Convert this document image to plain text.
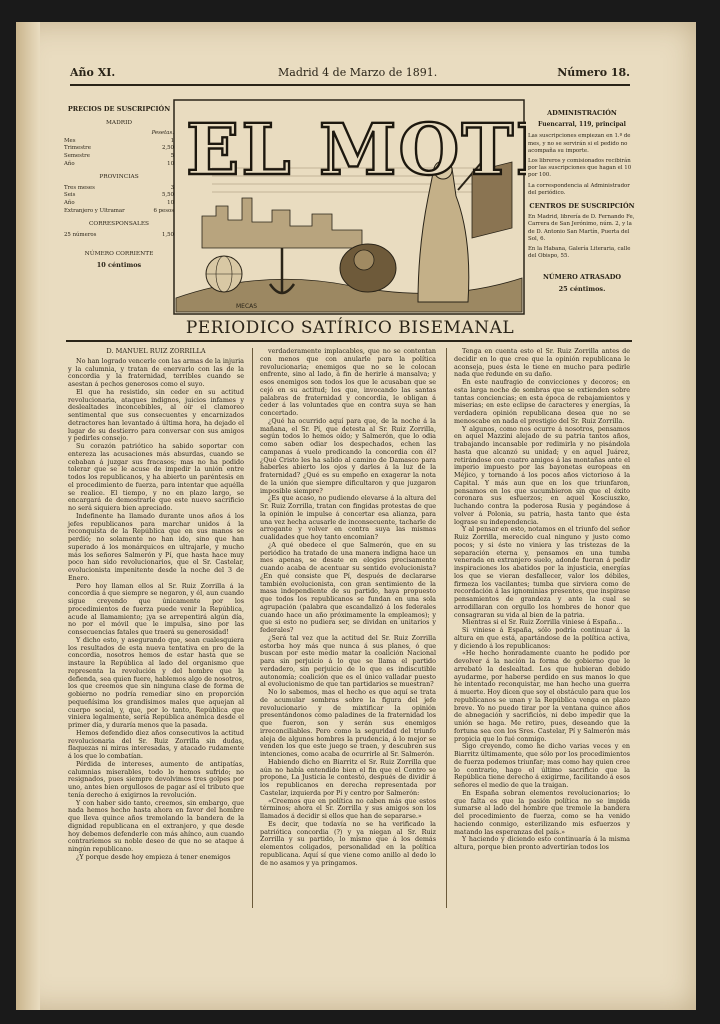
Año XI.	Madrid 4 de Marzo de 1891.	Número 18.
PRECIOS DE SUSCRIPCIÓN
MADRID
Pesetas.
Mes	1
Trimestre	2,50
Semestre	5
Año	10
PROVINCIAS
Tres meses	3
Seis	5,50
Año	10
Extranjero y Ultramar	6 pesos
CORRESPONSALES
25 números	1,50
NÚMERO CORRIENTE
10 céntimos
EL MOT
MECAS
ADMINISTRACIÓN
Fuencarral, 119, principal

Las suscripciones empiezan en 1.º de mes, y no se servirán si el pedido no acompaña su importe.

Los libreros y comisionados recibirán por las suscripciones que hagan el 10 por 100.

La correspondencia al Administrador del periódico.

CENTROS DE SUSCRIPCIÓN

En Madrid, librería de D. Fernando Fe, Carrera de San Jerónimo, núm. 2, y la de D. Antonio San Martín, Puerta del Sol, 6.

En la Habana, Galería Literaria, calle del Obispo, 55.

NÚMERO ATRASADO
25 céntimos.
PERIODICO SATÍRICO BISEMANAL

D. MANUEL RUIZ ZORRILLA

No han logrado vencerle con las armas de la injuria y la calumnia, y tratan de enervarlo con las de la concordia y la fraternidad, terribles cuando se asestan á pechos generosos como el suyo.

El que ha resistido, sin ceder en su actitud revolucionaria, ataques indignos, juicios infames y deslealtades inconcebibles, al oír el clamoreo sentimental que sus consecuentes y encarnizados detractores han levantado á última hora, ha dejado el lugar de su destierro para conversar con sus amigos y pedirles consejo.

Su corazón patriótico ha sabido soportar con entereza las acusaciones más absurdas, cuando se cebaban á juzgar sus fracasos; mas no ha podido tolerar que se le acuse de impedir la unión entre todos los republicanos, y ha abierto un paréntesis en el procedimiento de fuerza, para intentar que aquélla se realice. El tiempo, y no en plazo largo, se encargará de demostrarle que este nuevo sacrificio no será siquiera bien apreciado.

Indefinente ha llamado durante unos años á los jefes republicanos para marchar unidos á la reconquista de la República que en sus manos se perdió; no solamente no han ido, sino que han superado á los monárquicos en ultrajarle, y mucho más los señores Salmerón y Pí, que hasta hace muy poco han sido revolucionarios, que el Sr. Castelar, evolucionista impenitente desde la noche del 3 de Enero.

Pero hoy llaman ellos al Sr. Ruiz Zorrilla á la concordia á que siempre se negaron, y él, aun cuando sigue creyendo que únicamente por los procedimientos de fuerza puede venir la República, acude al llamamiento; ¡ya se arrepentirá algún día, no por el móvil que le impulsa, sino por las consecuencias fatales que traerá su generosidad!

Y dicho esto, y asegurando que, sean cualesquiera los resultados de esta nueva tentativa en pro de la concordia, nosotros hemos de estar hasta que se instaure la República al lado del organismo que representa la revolución y del hombre que la defienda, sea quien fuere, hablemos algo de nosotros, los que creemos que sin ninguna clase de forma de gobierno no podría remediar sino en proporción pequeñísima los grandísimos males que aquejan al cuerpo social, y, que, por lo tanto, República que viniera legalmente, sería República anémica desde el primer día, y duraría menos que la pasada.

Hemos defendido diez años consecutivos la actitud revolucionaria del Sr. Ruiz Zorrilla sin dudas, flaquezas ni miras interesadas, y atacado rudamente á los que lo combatían.

Pérdida de intereses, aumento de antipatías, calumnias miserables, todo lo hemos sufrido; no resignados, pues siempre devolvimos tres golpes por uno, antes bien orgullosos de pagar así el tributo que tenía derecho á exigirnos la revolución.

Y con haber sido tanto, creemos, sin embargo, que nada hemos hecho hasta ahora en favor del hombre que lleva quince años tremolando la bandera de la dignidad republicana en el extranjero, y que desde hoy debemos defenderle con más ahínco, aun cuando contraríemos su noble deseo de que no se ataque á ningún republicano.

¿Y porque desde hoy empieza á tener enemigos

verdaderamente implacables, que no se contentan con menos que con anularle para la política revolucionaria; enemigos que no se le colocan enfrente, sino al lado, á fin de herirle á mansalva; y esos enemigos son todos los que le acusaban que se cejó en su actitud; los que, invocando las santas palabras de fraternidad y concordia, le obligan á ceder á las voluntades que en contra suya se han concertado.

¿Qué ha ocurrido aquí para que, de la noche á la mañana, el Sr. Pí, que detesta al Sr. Ruiz Zorrilla, según todos lo hemos oído; y Salmerón, que lo odia como saben odiar los despechados, echen las campanas á vuelo predicando la concordia con él? ¿Qué Cristo les ha salido al camino de Damasco para haberles abierto los ojos y darles á la luz de la fraternidad? ¿Qué es su empeño en exagerar la nota de la unión que siempre dificultaron y que juzgaron imposible siempre?

¿Es que acaso, no pudiendo elevarse á la altura del Sr. Ruiz Zorrilla, tratan con fingidas protestas de que la opinión le impulse á concertar esa alianza, para una vez hecha acusarle de inconsecuente, tacharle de arrogante y volver en contra suya las mismas cualidades que hoy tanto encomian?

¿A qué obedece el que Salmerón, que en su periódico ha tratado de una manera indigna hace un mes apenas, se desate en elogios precisamente cuando acaba de acentuar su sentido evolucionista? ¿En qué consiste que Pí, después de declararse también evolucionista, con gran sentimiento de la masa independiente de su partido, haya propuesto que todos los republicanos se fundan en una sola agrupación (palabra que escandalizó á los federales cuando hace un año próximamente la empleamos); y que si esto no pudiera ser, se dividan en unitarios y federales?

¿Será tal vez que la actitud del Sr. Ruiz Zorrilla estorba hoy más que nunca á sus planes, ó que buscan por este medio matar la coalición Nacional para sin perjuicio á lo que se llama el partido verdadero, sin perjuicio de lo que es indiscutible autonomía; coalición que es el único valladar puesto al evolucionismo de que tan partidarios se muestran?

No lo sabemos, mas el hecho es que aquí se trata de acumular sombras sobre la figura del jefe revolucionario y de mixtificar la opinión presentándonos como paladines de la fraternidad los que fueron, son y serán sus enemigos irreconciliables. Pero como la seguridad del triunfo aleja de algunos hombres la prudencia, á lo mejor se venden los que este juego se traen, y descubren sus intenciones, como acaba de ocurrirle al Sr. Salmerón.

Habiendo dicho en Biarritz el Sr. Ruiz Zorrilla que aún no había entendido bien el fin que el Centro se propone, La Justicia le contestó, después de dividir á los republicanos en derecha representada por Castelar, izquierda por Pí y centro por Salmerón:

«Creemos que en política no caben más que estos términos; ahora el Sr. Zorrilla y sus amigos son los llamados á decidir si ellos que han de separarse.»

Es decir, que todavía no se ha verificado la patriótica concordia (?) y ya niegan al Sr. Ruiz Zorrilla y su partido, lo mismo que á los demás elementos coligados, personalidad en la política republicana. Aquí sí que viene como anillo al dedo lo de no asamos y ya pringamos.

Tenga en cuenta esto el Sr. Ruiz Zorrilla antes de decidir en lo que cree que la opinión republicana le aconseja, pues ésta le tiene en mucho para pedirle nada que redunde en su daño.

En este naufragio de convicciones y decoros; en esta larga noche de sombras que se extienden sobre tantas conciencias; en esta época de rebajamientos y miserias; en este eclipse de caracteres y energías, la verdadera opinión republicana desea que no se menoscabe en nada el prestigio del Sr. Ruiz Zorrilla.

Y algunos, como nos ocurre á nosotros, pensamos en aquel Mazzini alejado de su patria tantos años, trabajando incansable por redimirla y no pisándola hasta que alcanzó su unidad; y en aquel Juárez, retirándose con cuatro amigos á las montañas ante el imperio impuesto por las bayonetas europeas en Méjico, y tornando á los pocos años victorioso á la Capital. Y más aun que en los que triunfaron, pensamos en los que sucumbieron sin que el éxito coronara sus esfuerzos; en aquel Kosciuszko, luchando contra la poderosa Rusia y pegándose á volver á Polonia, su patria, hasta tanto que ésta lograse su independencia.

Y al pensar en esto, notamos en el triunfo del señor Ruiz Zorrilla, merecido cual ninguno y justo como pocos; y si éste no viniera y las tristezas de la separación eterna y, pensamos en una tumba venerada en extranjero suelo, adonde fueran á pedir inspiraciones los abatidos por la injusticia, energías los que se vieran desfallecer, valor los débiles, firmeza los vacilantes; tumba que sirviera como de recordación á las ignominias presentes, que inspirase pensamientos de grandeza y ante la cual se arrodillaran con orgullo los hombres de honor que consagraran su vida al bien de la patria.

Mientras si el Sr. Ruiz Zorrilla viniese á España...

Si viniese á España, sólo podría continuar á la altura en que está, apartándose de la política activa, y diciendo á los republicanos:

«He hecho honradamente cuanto he podido por devolver á la nación la forma de gobierno que le arrebató la deslealtad. Los que hubieran debido ayudarme, por haberse perdido en sus manos lo que he intentado reconquistar, me han hecho una guerra á muerte. Hoy dicen que soy el obstáculo para que los republicanos se unan y la República venga en plazo breve. Yo no puedo tirar por la ventana quince años de abnegación y sacrificios, ni debo impedir que la unión se haga. Me retiro, pues, deseando que la fortuna sea con los Sres. Castelar, Pí y Salmerón más propicia que lo fué conmigo.

Sigo creyendo, como he dicho varias veces y en Biarritz últimamente, que sólo por los procedimientos de fuerza podemos triunfar; mas como hay quien cree lo contrario, hago el último sacrificio que la República tiene derecho á exigirme, facilitando á esos señores el medio de que la traigan.

En España sobran elementos revolucionarios; lo que falta es que la pasión política no se impida sumarse al lado del hombre que tremole la bandera del procedimiento de fuerza, como se ha venido haciendo conmigo, esterilizando mis esfuerzos y matando las esperanzas del país.»

Y haciendo y diciendo esto continuaría á la misma altura, porque bien pronto advertirían todos los
